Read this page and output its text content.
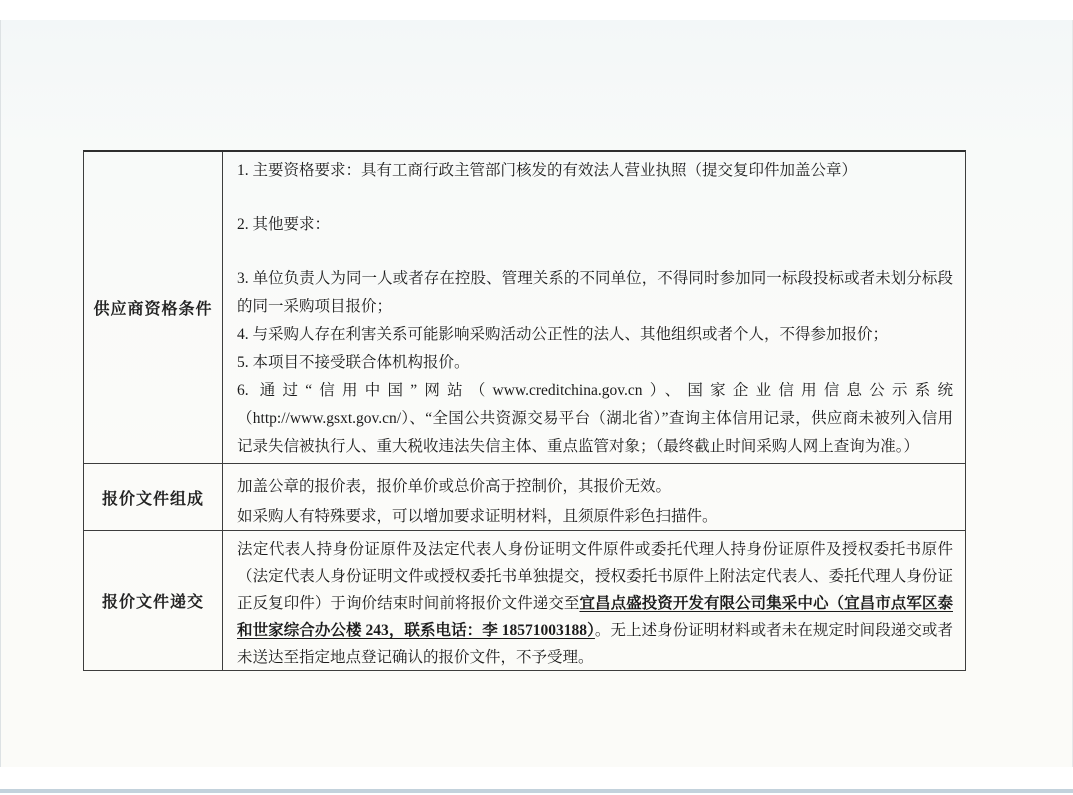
供应商资格条件

1. 主要资格要求：具有工商行政主管部门核发的有效法人营业执照（提交复印件加盖公章）

2. 其他要求：

3. 单位负责人为同一人或者存在控股、管理关系的不同单位，不得同时参加同一标段投标或者未划分标段的同一采购项目报价；

4. 与采购人存在利害关系可能影响采购活动公正性的法人、其他组织或者个人，不得参加报价；

5. 本项目不接受联合体机构报价。

6. 通过“信用中国”网站（www.creditchina.gov.cn）、国家企业信用信息公示系统（http://www.gsxt.gov.cn/）、“全国公共资源交易平台（湖北省）”查询主体信用记录，供应商未被列入信用记录失信被执行人、重大税收违法失信主体、重点监管对象；（最终截止时间采购人网上查询为准。）

报价文件组成

加盖公章的报价表，报价单价或总价高于控制价，其报价无效。

如采购人有特殊要求，可以增加要求证明材料，且须原件彩色扫描件。

报价文件递交
法定代表人持身份证原件及法定代表人身份证明文件原件或委托代理人持身份证原件及授权委托书原件（法定代表人身份证明文件或授权委托书单独提交，授权委托书原件上附法定代表人、委托代理人身份证正反复印件）于询价结束时间前将报价文件递交至宜昌点盛投资开发有限公司集采中心（宜昌市点军区泰和世家综合办公楼 243，联系电话：李 18571003188）。无上述身份证明材料或者未在规定时间段递交或者未送达至指定地点登记确认的报价文件，不予受理。
